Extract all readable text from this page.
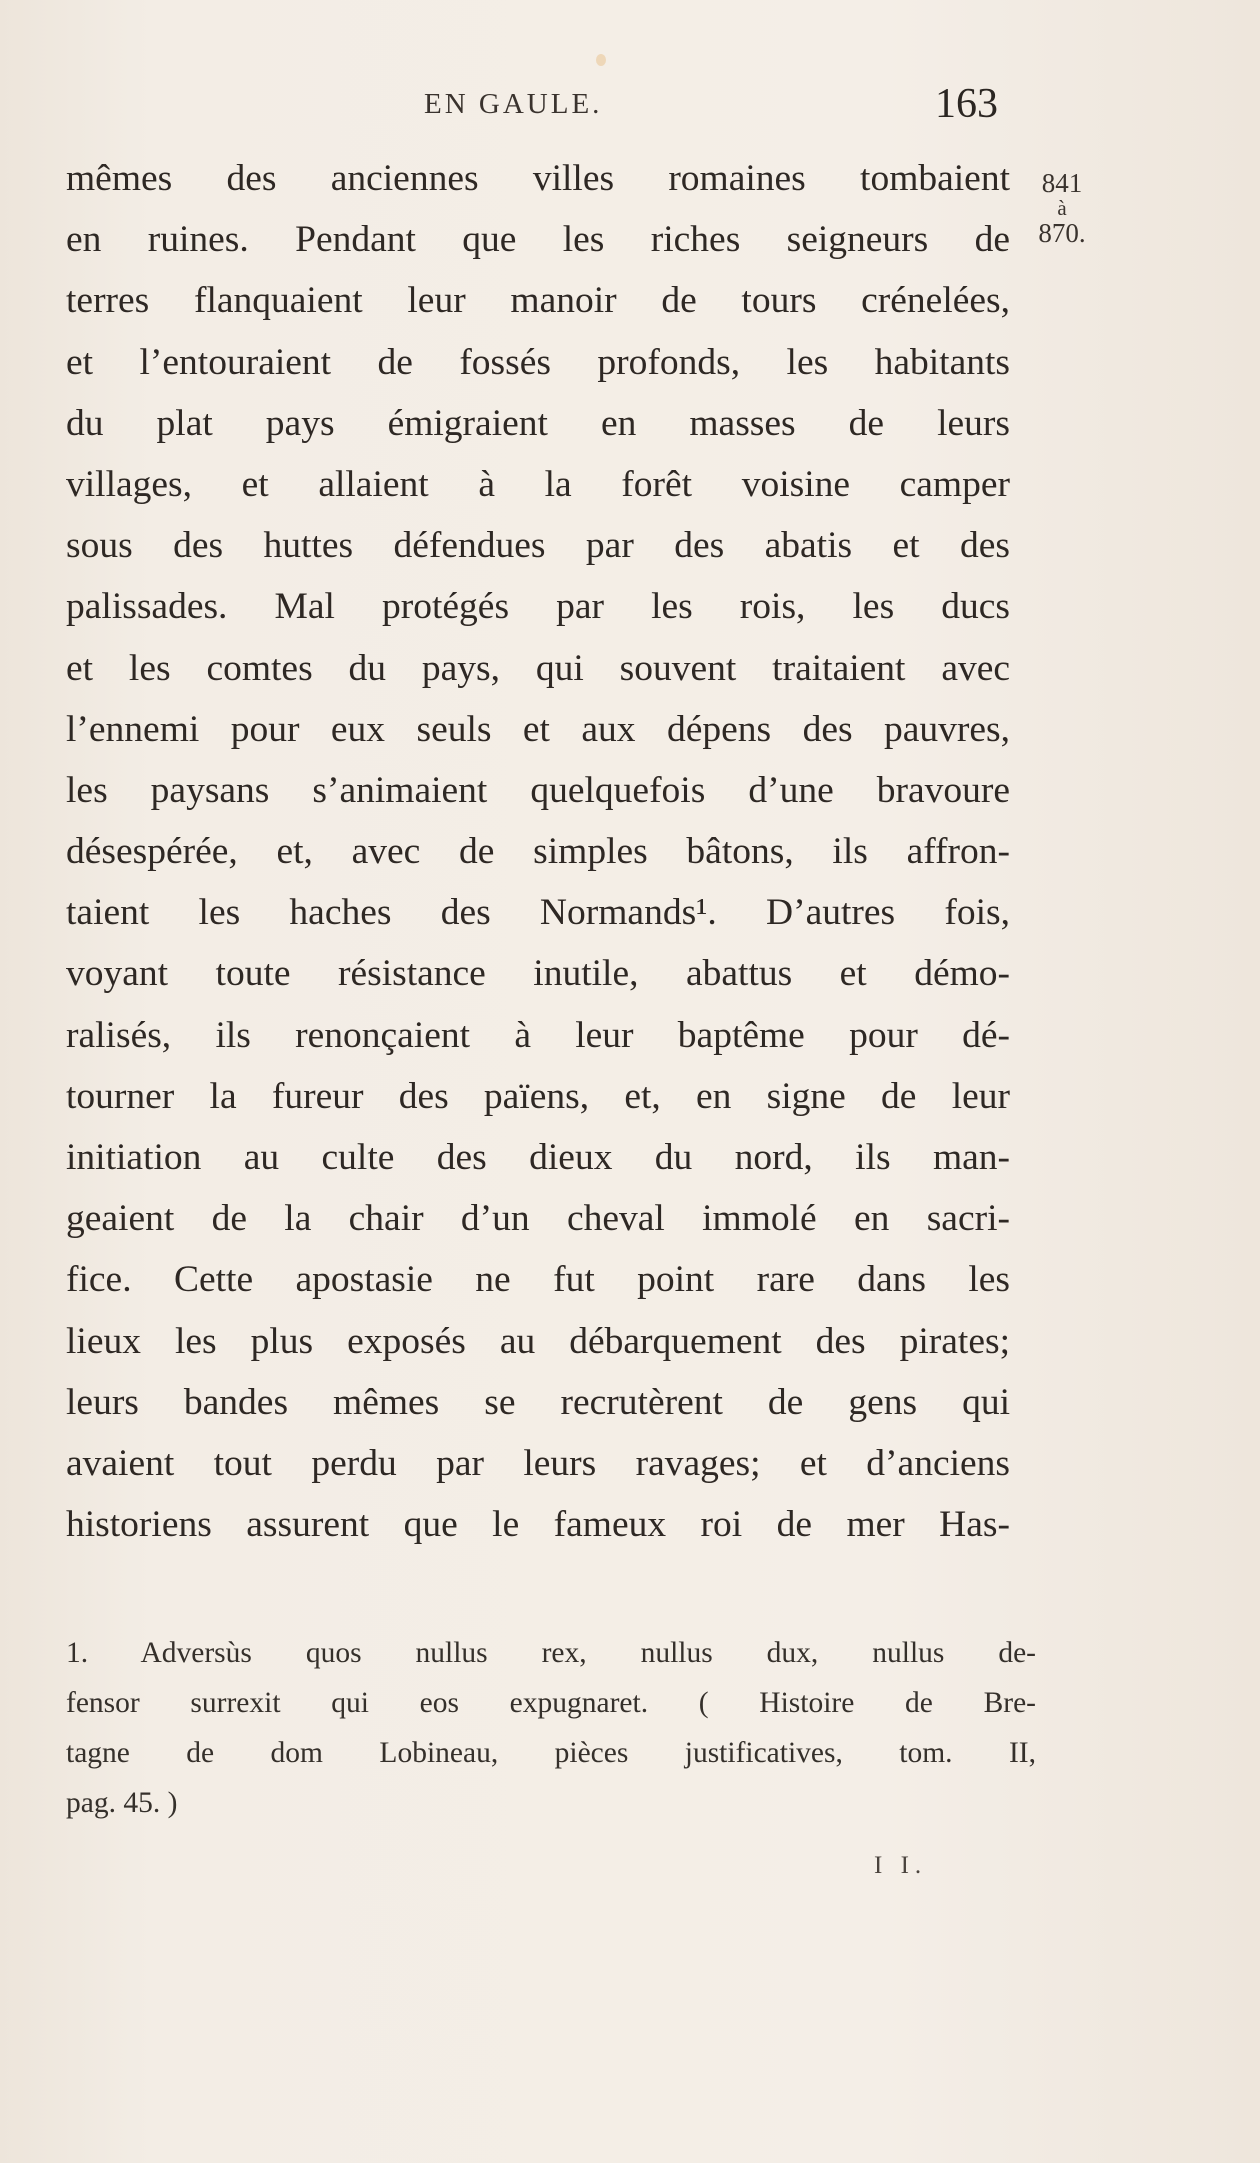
EN GAULE.	163
841
à
870.
mêmes des anciennes villes romaines tombaient
en ruines. Pendant que les riches seigneurs de
terres flanquaient leur manoir de tours crénelées,
et l’entouraient de fossés profonds, les habitants
du plat pays émigraient en masses de leurs
villages, et allaient à la forêt voisine camper
sous des huttes défendues par des abatis et des
palissades. Mal protégés par les rois, les ducs
et les comtes du pays, qui souvent traitaient avec
l’ennemi pour eux seuls et aux dépens des pauvres,
les paysans s’animaient quelquefois d’une bravoure
désespérée, et, avec de simples bâtons, ils affron-
taient les haches des Normands¹. D’autres fois,
voyant toute résistance inutile, abattus et démo-
ralisés, ils renonçaient à leur baptême pour dé-
tourner la fureur des païens, et, en signe de leur
initiation au culte des dieux du nord, ils man-
geaient de la chair d’un cheval immolé en sacri-
fice. Cette apostasie ne fut point rare dans les
lieux les plus exposés au débarquement des pirates;
leurs bandes mêmes se recrutèrent de gens qui
avaient tout perdu par leurs ravages; et d’anciens
historiens assurent que le fameux roi de mer Has-
1. Adversùs quos nullus rex, nullus dux, nullus de-
fensor surrexit qui eos expugnaret. ( Histoire de Bre-
tagne de dom Lobineau, pièces justificatives, tom. II,
pag. 45. )
I I.
